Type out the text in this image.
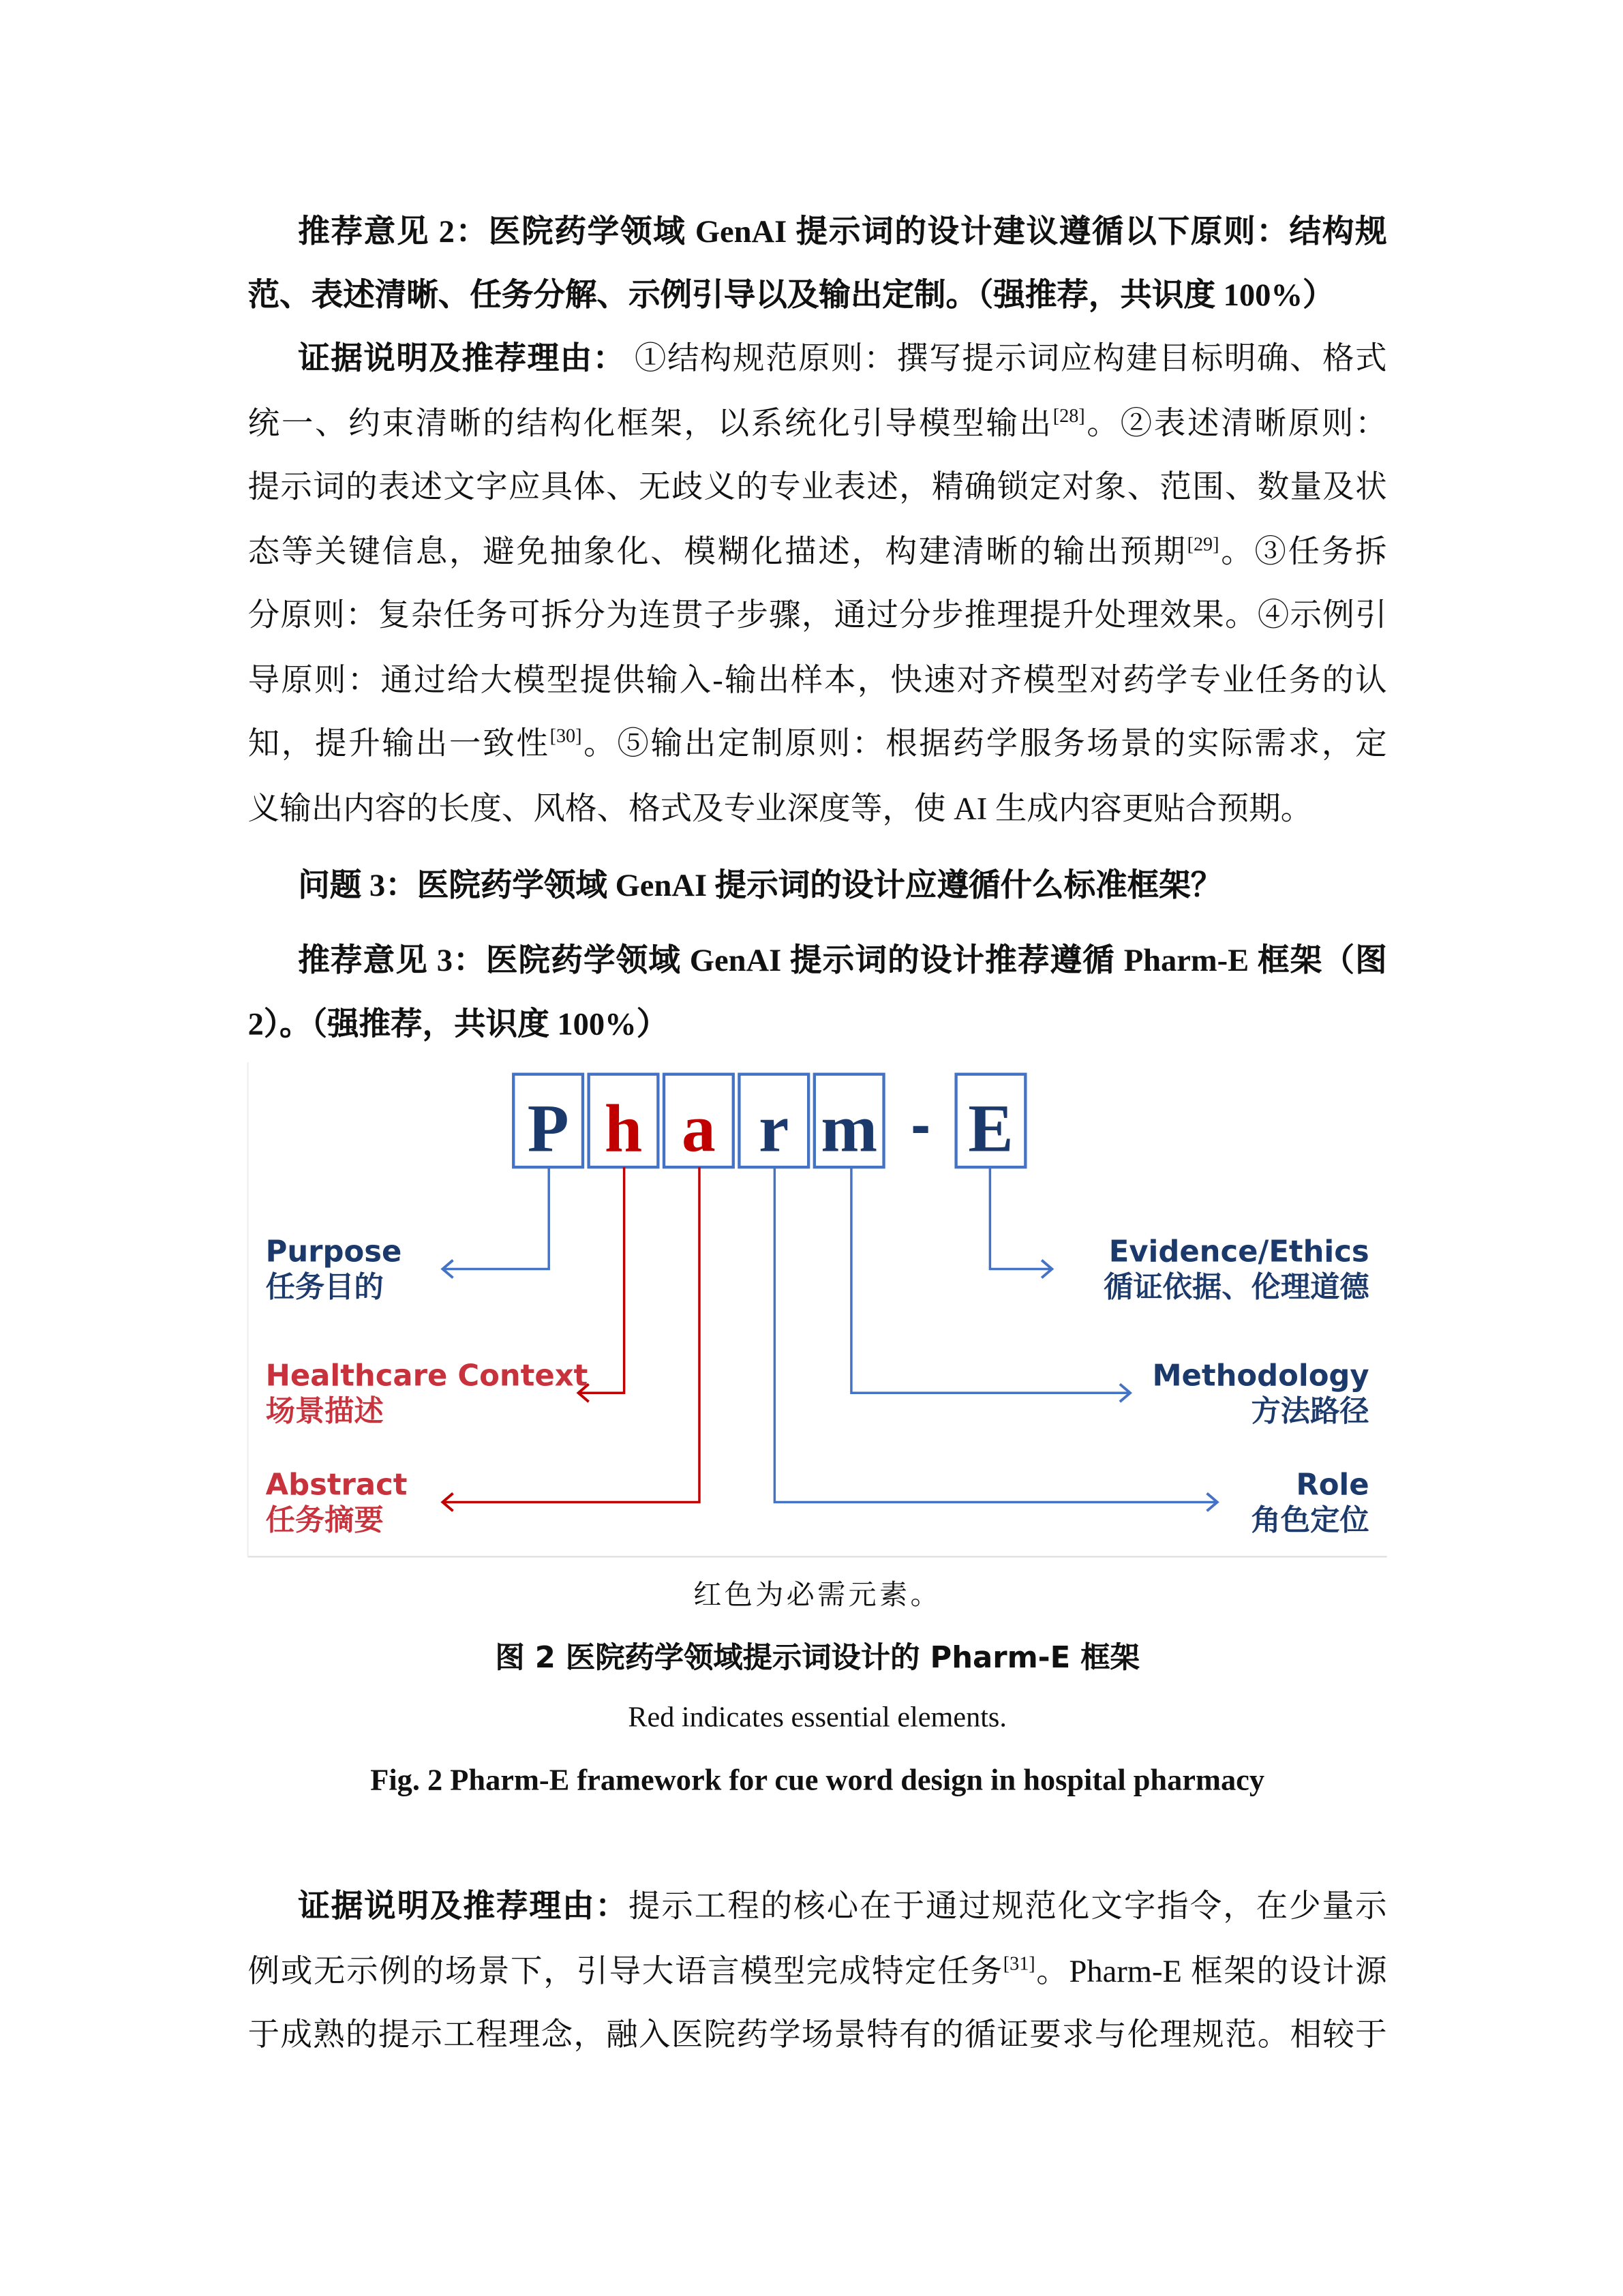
推荐意见 2：医院药学领域 GenAI 提示词的设计建议遵循以下原则：结构规
范、表述清晰、任务分解、示例引导以及输出定制。（强推荐，共识度 100%）
证据说明及推荐理由： ①结构规范原则：撰写提示词应构建目标明确、格式
统一、约束清晰的结构化框架，以系统化引导模型输出[28]。②表述清晰原则：
提示词的表述文字应具体、无歧义的专业表述，精确锁定对象、范围、数量及状
态等关键信息，避免抽象化、模糊化描述，构建清晰的输出预期[29]。③任务拆
分原则：复杂任务可拆分为连贯子步骤，通过分步推理提升处理效果。④示例引
导原则：通过给大模型提供输入-输出样本，快速对齐模型对药学专业任务的认
知，提升输出一致性[30]。⑤输出定制原则：根据药学服务场景的实际需求，定
义输出内容的长度、风格、格式及专业深度等，使 AI 生成内容更贴合预期。
问题 3：医院药学领域 GenAI 提示词的设计应遵循什么标准框架？
推荐意见 3：医院药学领域 GenAI 提示词的设计推荐遵循 Pharm-E 框架（图
2）。（强推荐，共识度 100%）
P h a r m	E
-
Purpose
任务目的
Healthcare Context
场景描述
Abstract
任务摘要
Evidence/Ethics
循证依据、伦理道德
Methodology
方法路径
Role
角色定位
红色为必需元素。
图 2 医院药学领域提示词设计的 Pharm-E 框架
Red indicates essential elements.
Fig. 2 Pharm-E framework for cue word design in hospital pharmacy
证据说明及推荐理由：提示工程的核心在于通过规范化文字指令，在少量示
例或无示例的场景下，引导大语言模型完成特定任务[31]。Pharm-E 框架的设计源
于成熟的提示工程理念，融入医院药学场景特有的循证要求与伦理规范。相较于
